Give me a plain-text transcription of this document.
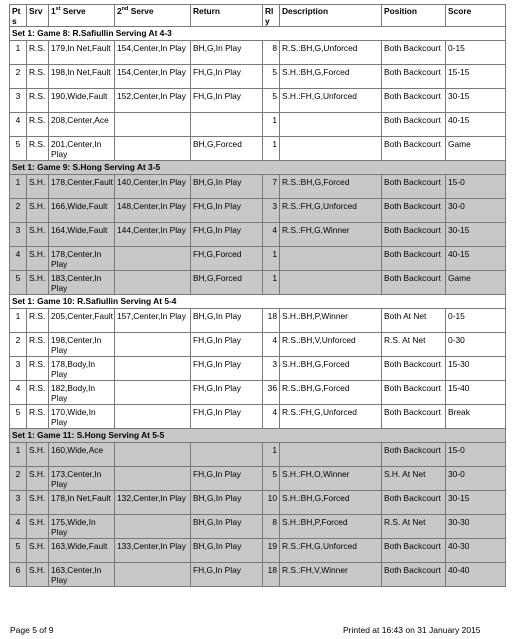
Pt s	Srv	1st Serve	2nd Serve	Return	Rl y	Description	Position	Score
Set 1: Game 8: R.Safiullin Serving At 4-3								
1	R.S.	179,In Net,Fault	154,Center,In Play	BH,G,In Play	8	R.S.:BH,G,Unforced	Both Backcourt	0-15
2	R.S.	198,In Net,Fault	154,Center,In Play	FH,G,In Play	5	S.H.:BH,G,Forced	Both Backcourt	15-15
3	R.S.	190,Wide,Fault	152,Center,In Play	FH,G,In Play	5	S.H.:FH,G,Unforced	Both Backcourt	30-15
4	R.S.	208,Center,Ace			1		Both Backcourt	40-15
5	R.S.	201,Center,In Play		BH,G,Forced	1		Both Backcourt	Game
Set 1: Game 9: S.Hong Serving At 3-5								
1	S.H.	178,Center,Fault	140,Center,In Play	BH,G,In Play	7	R.S.:BH,G,Forced	Both Backcourt	15-0
2	S.H.	166,Wide,Fault	148,Center,In Play	FH,G,In Play	3	R.S.:FH,G,Unforced	Both Backcourt	30-0
3	S.H.	164,Wide,Fault	144,Center,In Play	FH,G,In Play	4	R.S.:FH,G,Winner	Both Backcourt	30-15
4	S.H.	178,Center,In Play		FH,G,Forced	1		Both Backcourt	40-15
5	S.H.	183,Center,In Play		BH,G,Forced	1		Both Backcourt	Game
Set 1: Game 10: R.Safiullin Serving At 5-4								
1	R.S.	205,Center,Fault	157,Center,In Play	BH,G,In Play	18	S.H.:BH,P,Winner	Both At Net	0-15
2	R.S.	198,Center,In Play		FH,G,In Play	4	R.S.:BH,V,Unforced	R.S. At Net	0-30
3	R.S.	178,Body,In Play		FH,G,In Play	3	S.H.:BH,G,Forced	Both Backcourt	15-30
4	R.S.	182,Body,In Play		FH,G,In Play	36	R.S.:BH,G,Forced	Both Backcourt	15-40
5	R.S.	170,Wide,In Play		FH,G,In Play	4	R.S.:FH,G,Unforced	Both Backcourt	Break
Set 1: Game 11: S.Hong Serving At 5-5								
1	S.H.	160,Wide,Ace			1		Both Backcourt	15-0
2	S.H.	173,Center,In Play		FH,G,In Play	5	S.H.:FH,O,Winner	S.H. At Net	30-0
3	S.H.	178,In Net,Fault	132,Center,In Play	BH,G,In Play	10	S.H.:BH,G,Forced	Both Backcourt	30-15
4	S.H.	175,Wide,In Play		BH,G,In Play	8	S.H.:BH,P,Forced	R.S. At Net	30-30
5	S.H.	163,Wide,Fault	133,Center,In Play	BH,G,In Play	19	R.S.:FH,G,Unforced	Both Backcourt	40-30
6	S.H.	163,Center,In Play		FH,G,In Play	18	R.S.:FH,V,Winner	Both Backcourt	40-40
Page 5 of 9	Printed at 16:43 on 31 January 2015
